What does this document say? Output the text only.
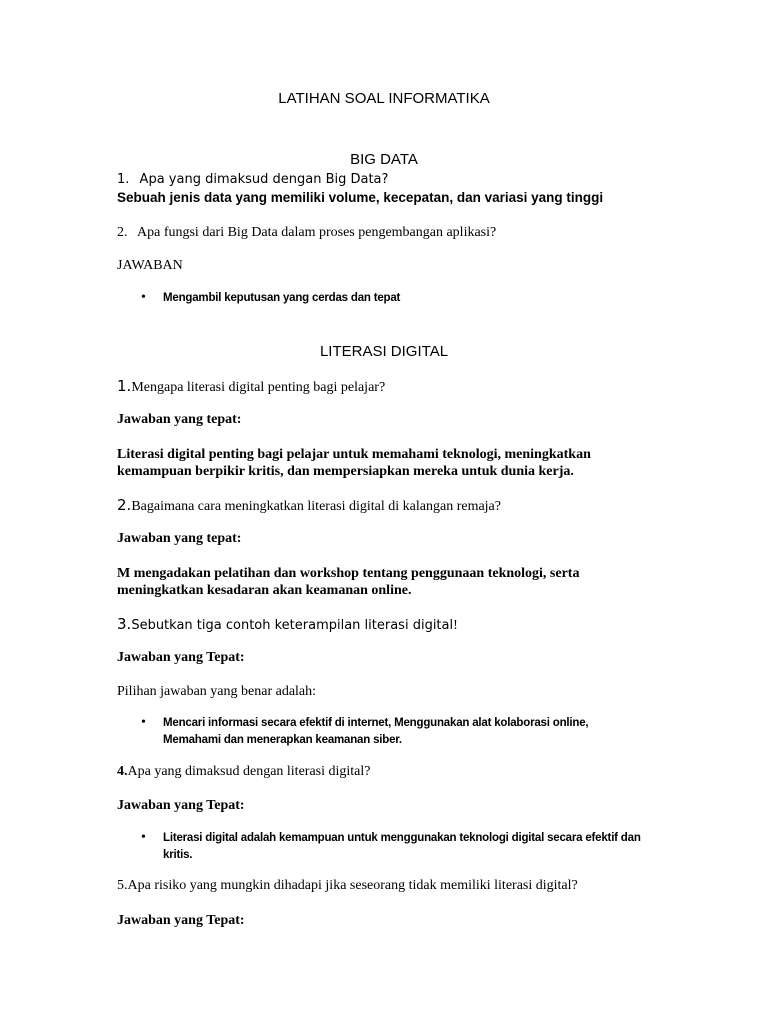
LATIHAN SOAL INFORMATIKA
BIG DATA
1. Apa yang dimaksud dengan Big Data?
Sebuah jenis data yang memiliki volume, kecepatan, dan variasi yang tinggi
2. Apa fungsi dari Big Data dalam proses pengembangan aplikasi?
JAWABAN
• Mengambil keputusan yang cerdas dan tepat
LITERASI DIGITAL
1.Mengapa literasi digital penting bagi pelajar?
Jawaban yang tepat:
Literasi digital penting bagi pelajar untuk memahami teknologi, meningkatkan
kemampuan berpikir kritis, dan mempersiapkan mereka untuk dunia kerja.
2.Bagaimana cara meningkatkan literasi digital di kalangan remaja?
Jawaban yang tepat:
M mengadakan pelatihan dan workshop tentang penggunaan teknologi, serta
meningkatkan kesadaran akan keamanan online.
3.Sebutkan tiga contoh keterampilan literasi digital!
Jawaban yang Tepat:
Pilihan jawaban yang benar adalah:
• Mencari informasi secara efektif di internet, Menggunakan alat kolaborasi online,
Memahami dan menerapkan keamanan siber.
4.Apa yang dimaksud dengan literasi digital?
Jawaban yang Tepat:
• Literasi digital adalah kemampuan untuk menggunakan teknologi digital secara efektif dan
kritis.
5.Apa risiko yang mungkin dihadapi jika seseorang tidak memiliki literasi digital?
Jawaban yang Tepat:
